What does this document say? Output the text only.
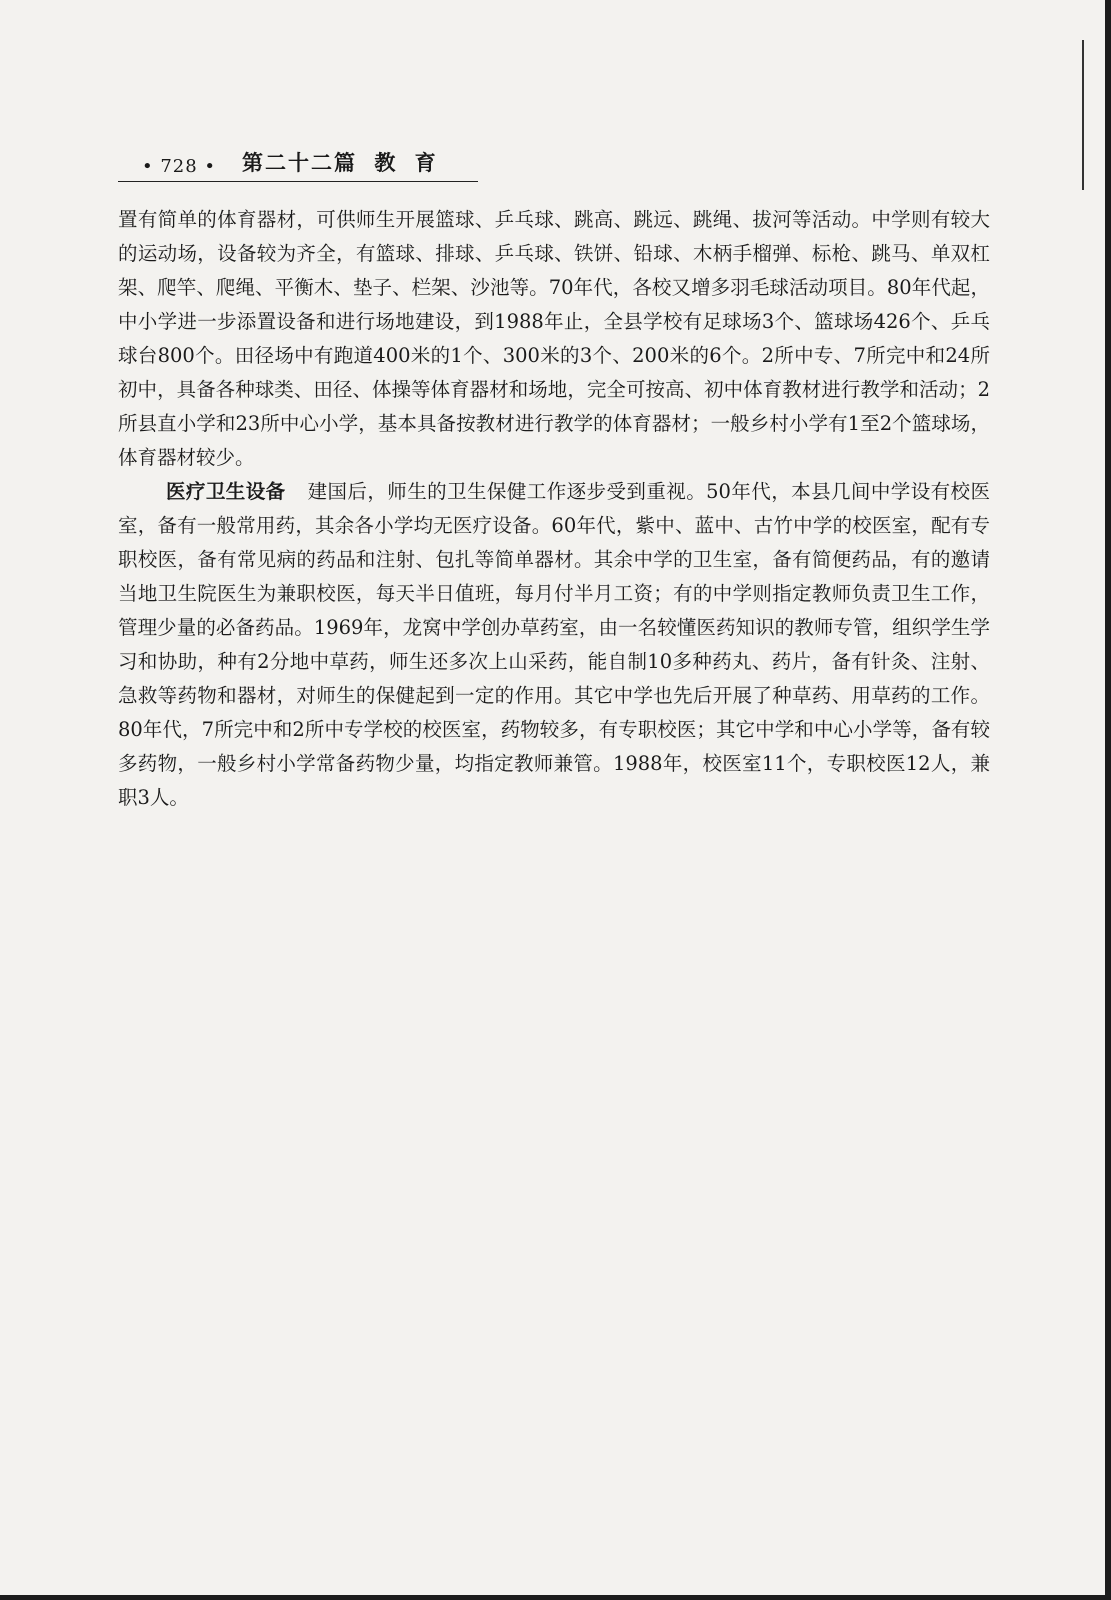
• 728 • 第二十二篇 教 育

置有简单的体育器材，可供师生开展篮球、乒乓球、跳高、跳远、跳绳、拔河等活动。中学则有较大的运动场，设备较为齐全，有篮球、排球、乒乓球、铁饼、铅球、木柄手榴弹、标枪、跳马、单双杠架、爬竿、爬绳、平衡木、垫子、栏架、沙池等。70年代，各校又增多羽毛球活动项目。80年代起，中小学进一步添置设备和进行场地建设，到1988年止，全县学校有足球场3个、篮球场426个、乒乓球台800个。田径场中有跑道400米的1个、300米的3个、200米的6个。2所中专、7所完中和24所初中，具备各种球类、田径、体操等体育器材和场地，完全可按高、初中体育教材进行教学和活动；2所县直小学和23所中心小学，基本具备按教材进行教学的体育器材；一般乡村小学有1至2个篮球场，体育器材较少。

医疗卫生设备 建国后，师生的卫生保健工作逐步受到重视。50年代，本县几间中学设有校医室，备有一般常用药，其余各小学均无医疗设备。60年代，紫中、蓝中、古竹中学的校医室，配有专职校医，备有常见病的药品和注射、包扎等简单器材。其余中学的卫生室，备有简便药品，有的邀请当地卫生院医生为兼职校医，每天半日值班，每月付半月工资；有的中学则指定教师负责卫生工作，管理少量的必备药品。1969年，龙窝中学创办草药室，由一名较懂医药知识的教师专管，组织学生学习和协助，种有2分地中草药，师生还多次上山采药，能自制10多种药丸、药片，备有针灸、注射、急救等药物和器材，对师生的保健起到一定的作用。其它中学也先后开展了种草药、用草药的工作。80年代，7所完中和2所中专学校的校医室，药物较多，有专职校医；其它中学和中心小学等，备有较多药物，一般乡村小学常备药物少量，均指定教师兼管。1988年，校医室11个，专职校医12人，兼职3人。
